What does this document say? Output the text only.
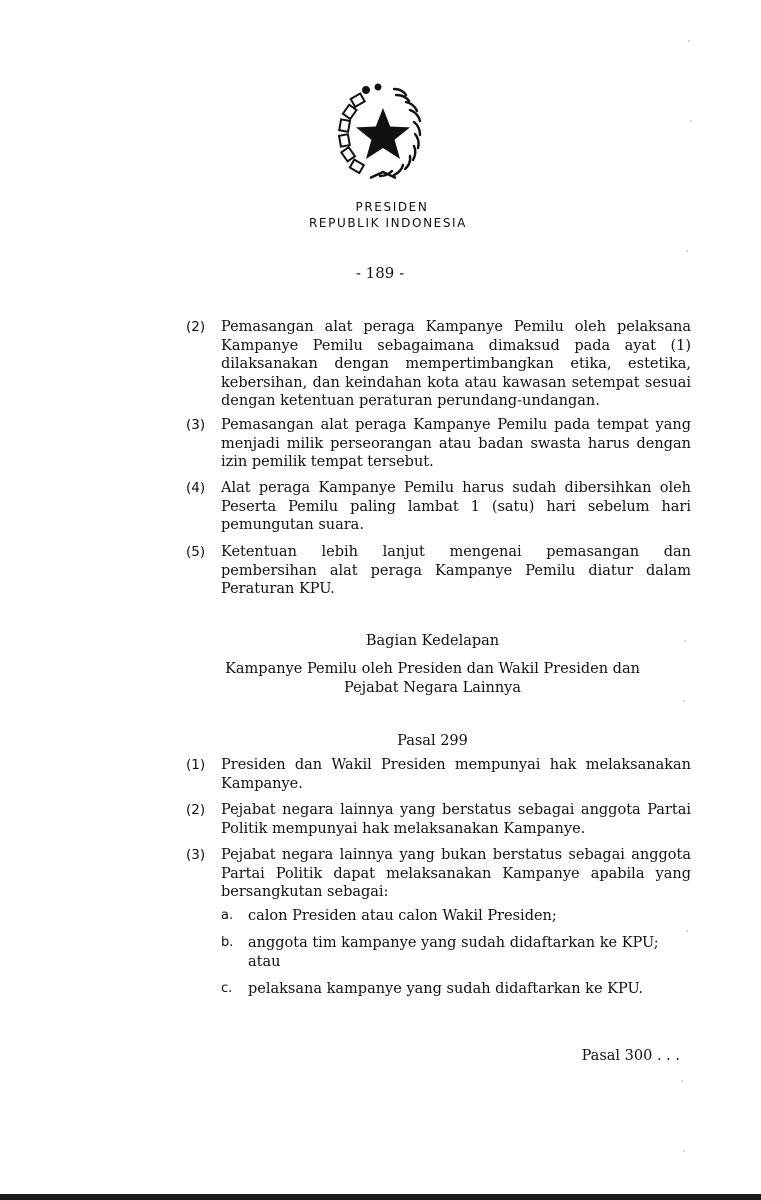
PRESIDEN
REPUBLIK INDONESIA
- 189 -
(2)	Pemasangan alat peraga Kampanye Pemilu oleh pelaksana Kampanye Pemilu sebagaimana dimaksud pada ayat (1) dilaksanakan dengan mempertimbangkan etika, estetika, kebersihan, dan keindahan kota atau kawasan setempat sesuai dengan ketentuan peraturan perundang-undangan.
(3)	Pemasangan alat peraga Kampanye Pemilu pada tempat yang menjadi milik perseorangan atau badan swasta harus dengan izin pemilik tempat tersebut.
(4)	Alat peraga Kampanye Pemilu harus sudah dibersihkan oleh Peserta Pemilu paling lambat 1 (satu) hari sebelum hari pemungutan suara.
(5)	Ketentuan lebih lanjut mengenai pemasangan dan pembersihan alat peraga Kampanye Pemilu diatur dalam Peraturan KPU.
Bagian Kedelapan
Kampanye Pemilu oleh Presiden dan Wakil Presiden dan
Pejabat Negara Lainnya
Pasal 299
(1)	Presiden dan Wakil Presiden mempunyai hak melaksanakan Kampanye.
(2)	Pejabat negara lainnya yang berstatus sebagai anggota Partai Politik mempunyai hak melaksanakan Kampanye.
(3)	Pejabat negara lainnya yang bukan berstatus sebagai anggota Partai Politik dapat melaksanakan Kampanye apabila yang bersangkutan sebagai:
a.	calon Presiden atau calon Wakil Presiden;
b.	anggota tim kampanye yang sudah didaftarkan ke KPU; atau
c.	pelaksana kampanye yang sudah didaftarkan ke KPU.
Pasal 300 . . .
